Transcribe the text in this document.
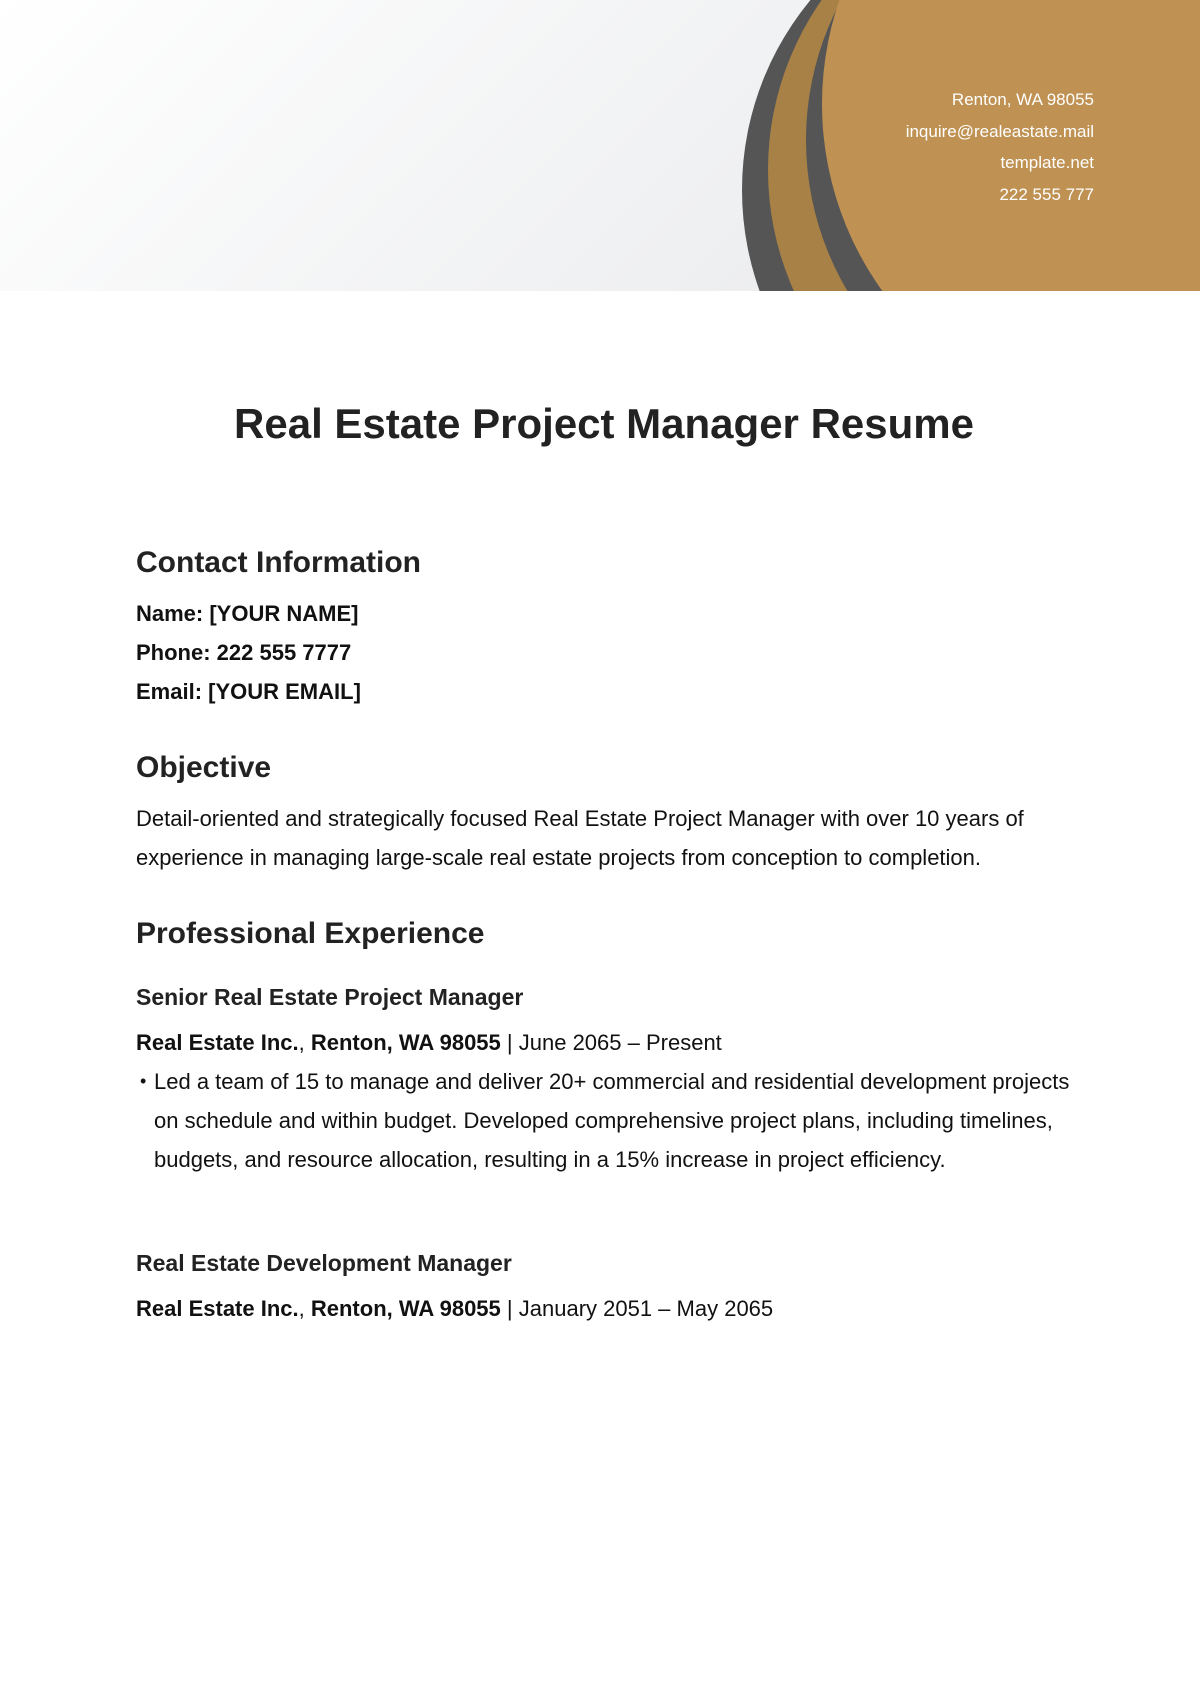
Renton, WA 98055
inquire@realeastate.mail
template.net
222 555 777
Real Estate Project Manager Resume
Contact Information
Name: [YOUR NAME]
Phone: 222 555 7777
Email: [YOUR EMAIL]
Objective

Detail-oriented and strategically focused Real Estate Project Manager with over 10 years of experience in managing large-scale real estate projects from conception to completion.

Professional Experience
Senior Real Estate Project Manager
Real Estate Inc., Renton, WA 98055 | June 2065 – Present
• Led a team of 15 to manage and deliver 20+ commercial and residential development projects on schedule and within budget. Developed comprehensive project plans, including timelines, budgets, and resource allocation, resulting in a 15% increase in project efficiency.
Real Estate Development Manager
Real Estate Inc., Renton, WA 98055 | January 2051 – May 2065
